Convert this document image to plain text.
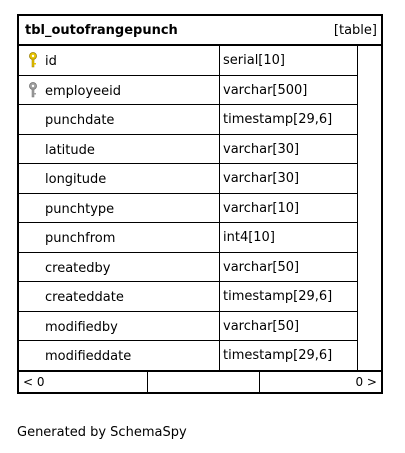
tbl_outofrangepunch	[table]
id	serial[10]
employeeid	varchar[500]
punchdate	timestamp[29,6]
latitude	varchar[30]
longitude	varchar[30]
punchtype	varchar[10]
punchfrom	int4[10]
createdby	varchar[50]
createddate	timestamp[29,6]
modifiedby	varchar[50]
modifieddate	timestamp[29,6]
< 0	0 >
Generated by SchemaSpy
